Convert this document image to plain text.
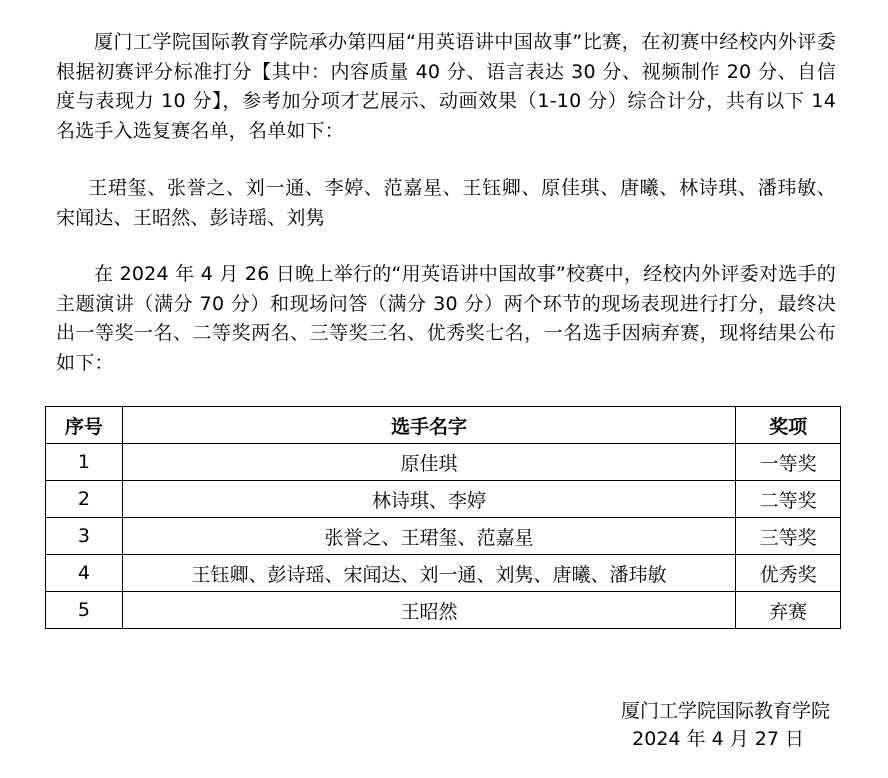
厦门工学院国际教育学院承办第四届“用英语讲中国故事”比赛，在初赛中经校内外评委根据初赛评分标准打分【其中：内容质量 40 分、语言表达 30 分、视频制作 20 分、自信度与表现力 10 分】，参考加分项才艺展示、动画效果（1-10 分）综合计分，共有以下 14 名选手入选复赛名单，名单如下：

王珺玺、张誉之、刘一通、李婷、范嘉星、王钰卿、原佳琪、唐曦、林诗琪、潘玮敏、宋闻达、王昭然、彭诗瑶、刘隽

在 2024 年 4 月 26 日晚上举行的“用英语讲中国故事”校赛中，经校内外评委对选手的主题演讲（满分 70 分）和现场问答（满分 30 分）两个环节的现场表现进行打分，最终决出一等奖一名、二等奖两名、三等奖三名、优秀奖七名，一名选手因病弃赛，现将结果公布如下：

序号	选手名字	奖项
1	原佳琪	一等奖
2	林诗琪、李婷	二等奖
3	张誉之、王珺玺、范嘉星	三等奖
4	王钰卿、彭诗瑶、宋闻达、刘一通、刘隽、唐曦、潘玮敏	优秀奖
5	王昭然	弃赛

厦门工学院国际教育学院

2024 年 4 月 27 日
